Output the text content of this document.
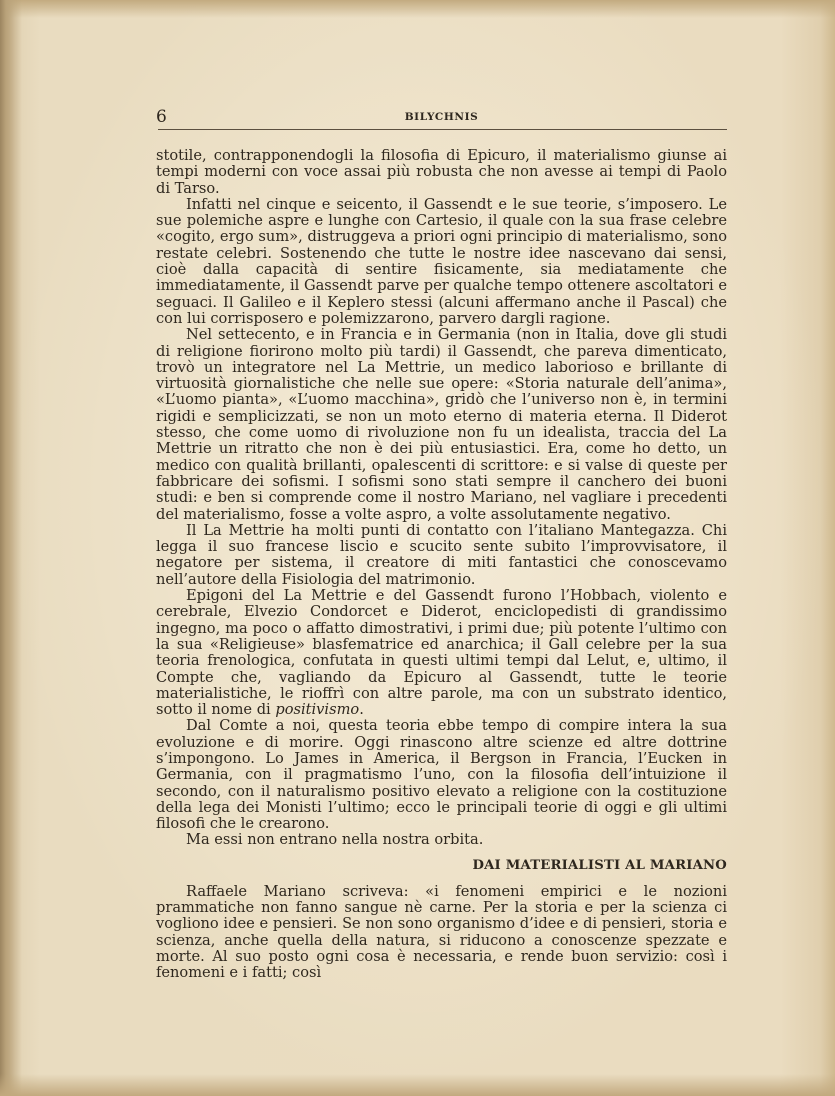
6	BILYCHNIS

stotile, contrapponendogli la filosofia di Epicuro, il materialismo giunse ai tempi moderni con voce assai più robusta che non avesse ai tempi di Paolo di Tarso.

Infatti nel cinque e seicento, il Gassendt e le sue teorie, s’imposero. Le sue polemiche aspre e lunghe con Cartesio, il quale con la sua frase celebre «cogito, ergo sum», distruggeva a priori ogni principio di materialismo, sono restate celebri. Sostenendo che tutte le nostre idee nascevano dai sensi, cioè dalla capacità di sentire fisicamente, sia mediatamente che immediatamente, il Gassendt parve per qualche tempo ottenere ascoltatori e seguaci. Il Galileo e il Keplero stessi (alcuni affermano anche il Pascal) che con lui corrisposero e polemizzarono, parvero dargli ragione.

Nel settecento, e in Francia e in Germania (non in Italia, dove gli studi di religione fiorirono molto più tardi) il Gassendt, che pareva dimenticato, trovò un integratore nel La Mettrie, un medico laborioso e brillante di virtuosità giornalistiche che nelle sue opere: «Storia naturale dell’anima», «L’uomo pianta», «L’uomo macchina», gridò che l’universo non è, in termini rigidi e semplicizzati, se non un moto eterno di materia eterna. Il Diderot stesso, che come uomo di rivoluzione non fu un idealista, traccia del La Mettrie un ritratto che non è dei più entusiastici. Era, come ho detto, un medico con qualità brillanti, opalescenti di scrittore: e si valse di queste per fabbricare dei sofismi. I sofismi sono stati sempre il canchero dei buoni studi: e ben si comprende come il nostro Mariano, nel vagliare i precedenti del materialismo, fosse a volte aspro, a volte assolutamente negativo.

Il La Mettrie ha molti punti di contatto con l’italiano Mantegazza. Chi legga il suo francese liscio e scucito sente subito l’improvvisatore, il negatore per sistema, il creatore di miti fantastici che conoscevamo nell’autore della Fisiologia del matrimonio.

Epigoni del La Mettrie e del Gassendt furono l’Hobbach, violento e cerebrale, Elvezio Condorcet e Diderot, enciclopedisti di grandissimo ingegno, ma poco o affatto dimostrativi, i primi due; più potente l’ultimo con la sua «Religieuse» blasfematrice ed anarchica; il Gall celebre per la sua teoria frenologica, confutata in questi ultimi tempi dal Lelut, e, ultimo, il Compte che, vagliando da Epicuro al Gassendt, tutte le teorie materialistiche, le rioffrì con altre parole, ma con un substrato identico, sotto il nome di positivismo.

Dal Comte a noi, questa teoria ebbe tempo di compire intera la sua evoluzione e di morire. Oggi rinascono altre scienze ed altre dottrine s’impongono. Lo James in America, il Bergson in Francia, l’Eucken in Germania, con il pragmatismo l’uno, con la filosofia dell’intuizione il secondo, con il naturalismo positivo elevato a religione con la costituzione della lega dei Monisti l’ultimo; ecco le principali teorie di oggi e gli ultimi filosofi che le crearono.

Ma essi non entrano nella nostra orbita.

DAI MATERIALISTI AL MARIANO

Raffaele Mariano scriveva: «i fenomeni empirici e le nozioni prammatiche non fanno sangue nè carne. Per la storia e per la scienza ci vogliono idee e pensieri. Se non sono organismo d’idee e di pensieri, storia e scienza, anche quella della natura, si riducono a conoscenze spezzate e morte. Al suo posto ogni cosa è necessaria, e rende buon servizio: così i fenomeni e i fatti; così
